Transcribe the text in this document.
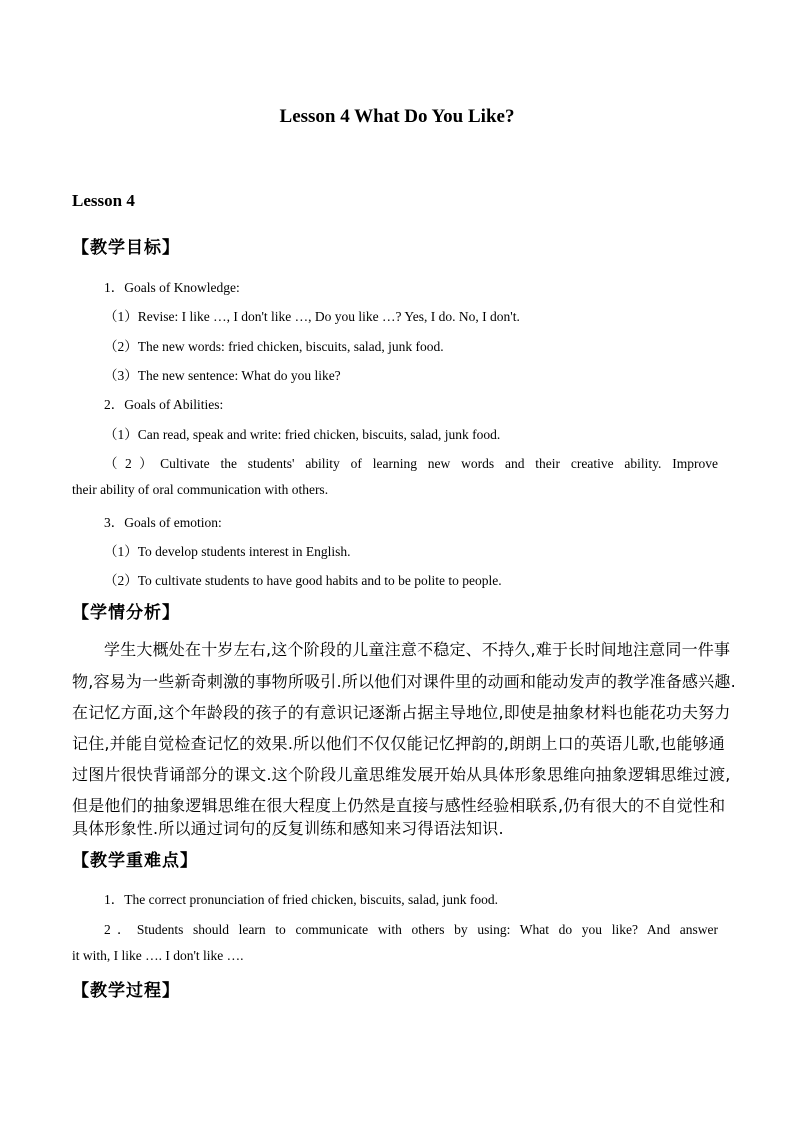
Lesson 4 What Do You Like?
Lesson 4
【教学目标】
1．Goals of Knowledge:
（1）Revise: I like …, I don't like …, Do you like …? Yes, I do. No, I don't.
（2）The new words: fried chicken, biscuits, salad, junk food.
（3）The new sentence: What do you like?
2．Goals of Abilities:
（1）Can read, speak and write: fried chicken, biscuits, salad, junk food.
（2）Cultivate the students' ability of learning new words and their creative ability. Improve
their ability of oral communication with others.
3．Goals of emotion:
（1）To develop students interest in English.
（2）To cultivate students to have good habits and to be polite to people.
【学情分析】
学生大概处在十岁左右,这个阶段的儿童注意不稳定、不持久,难于长时间地注意同一件事
物,容易为一些新奇刺激的事物所吸引.所以他们对课件里的动画和能动发声的教学准备感兴趣.
在记忆方面,这个年龄段的孩子的有意识记逐渐占据主导地位,即使是抽象材料也能花功夫努力
记住,并能自觉检查记忆的效果.所以他们不仅仅能记忆押韵的,朗朗上口的英语儿歌,也能够通
过图片很快背诵部分的课文.这个阶段儿童思维发展开始从具体形象思维向抽象逻辑思维过渡,
但是他们的抽象逻辑思维在很大程度上仍然是直接与感性经验相联系,仍有很大的不自觉性和
具体形象性.所以通过词句的反复训练和感知来习得语法知识.
【教学重难点】
1．The correct pronunciation of fried chicken, biscuits, salad, junk food.
2．Students should learn to communicate with others by using: What do you like? And answer
it with, I like …. I don't like ….
【教学过程】
